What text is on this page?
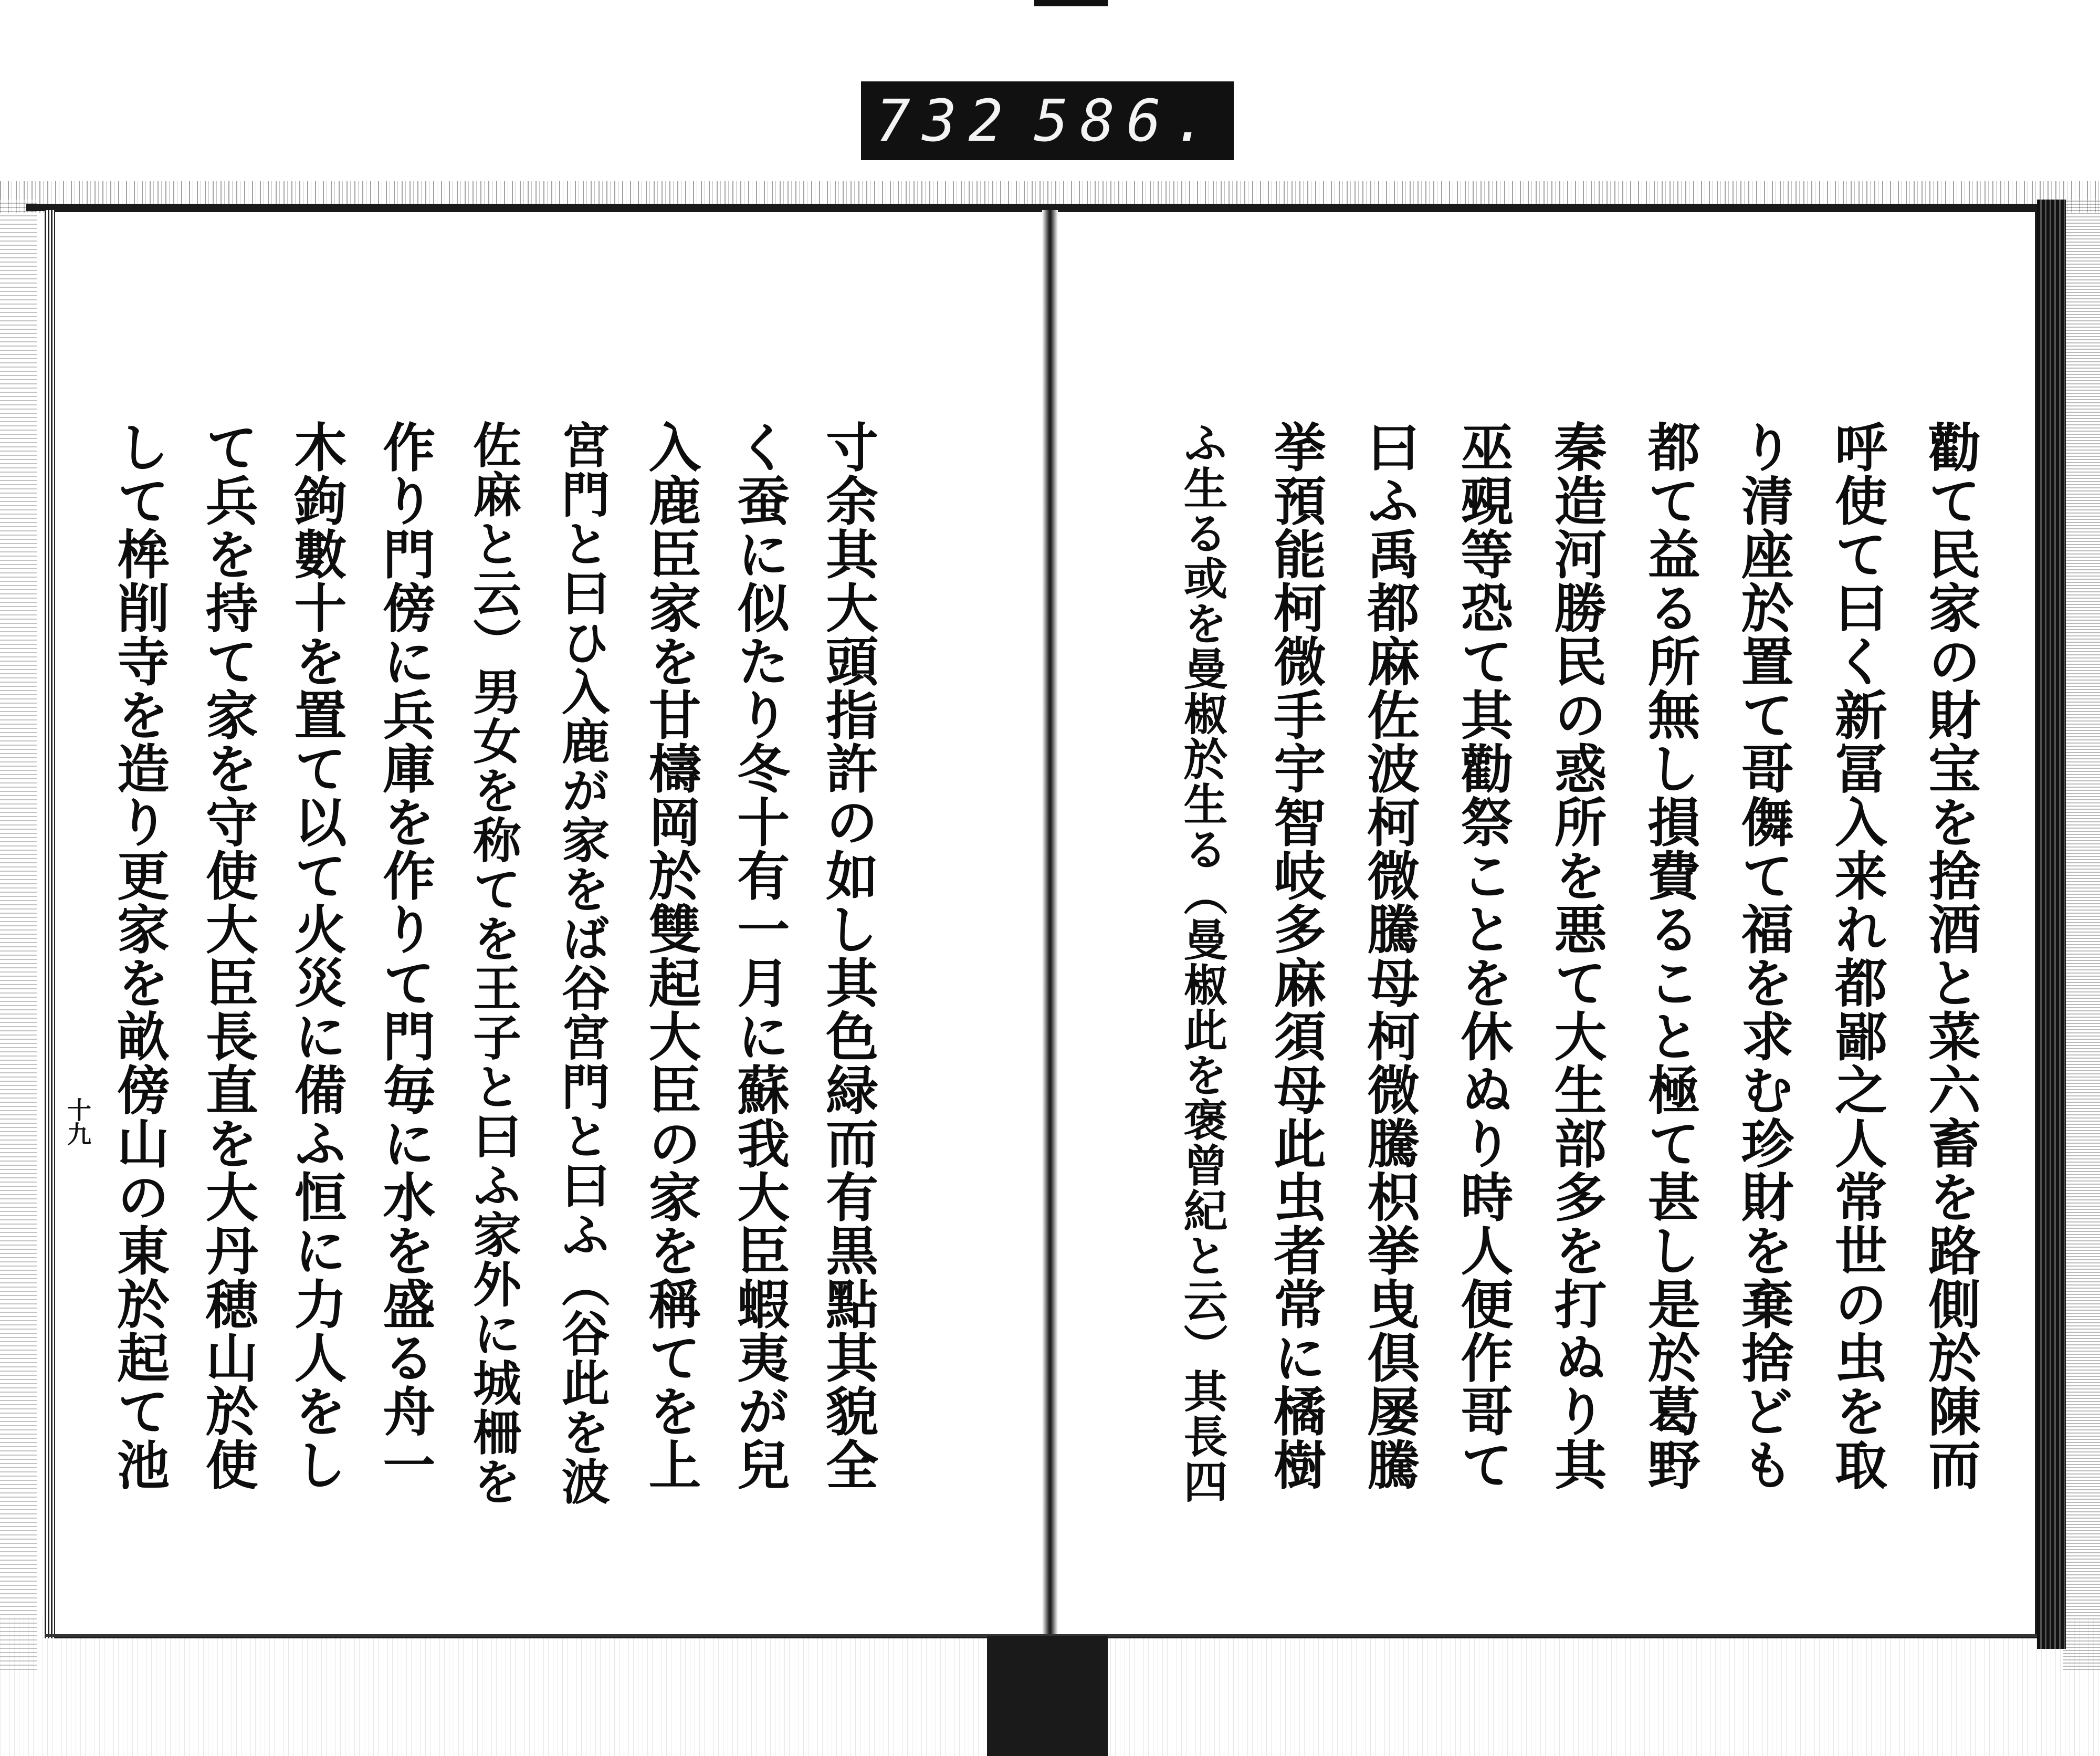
732 586.
勸て民家の財宝を捨酒と菜六畜を路側於陳而
呼使て曰く新冨入来れ都鄙之人常世の虫を取
り清座於置て哥儛て福を求む珍財を棄捨ども
都て益る所無し損費ること極て甚し是於葛野
秦造河勝民の惑所を悪て大生部多を打ぬり其
巫覡等恐て其勸祭ことを休ぬり時人便作哥て
曰ふ禹都麻佐波柯微騰母柯微騰枳挙曳倶屡騰
挙預能柯微手宇智岐多麻須母此虫者常に橘樹
ふ生る或を曼椒於生る（曼椒此を褒曾紀と云）其長四
寸余其大頭指許の如し其色緑而有黒點其貌全
く蚕に似たり冬十有一月に蘇我大臣蝦夷が兒
入鹿臣家を甘檮岡於雙起大臣の家を稱てを上
宮門と曰ひ入鹿が家をば谷宮門と曰ふ（谷此を波
佐麻と云）男女を称てを王子と曰ふ家外に城柵を
作り門傍に兵庫を作りて門毎に水を盛る舟一
木鉤數十を置て以て火災に備ふ恒に力人をし
て兵を持て家を守使大臣長直を大丹穂山於使
して桙削寺を造り更家を畝傍山の東於起て池
十九
